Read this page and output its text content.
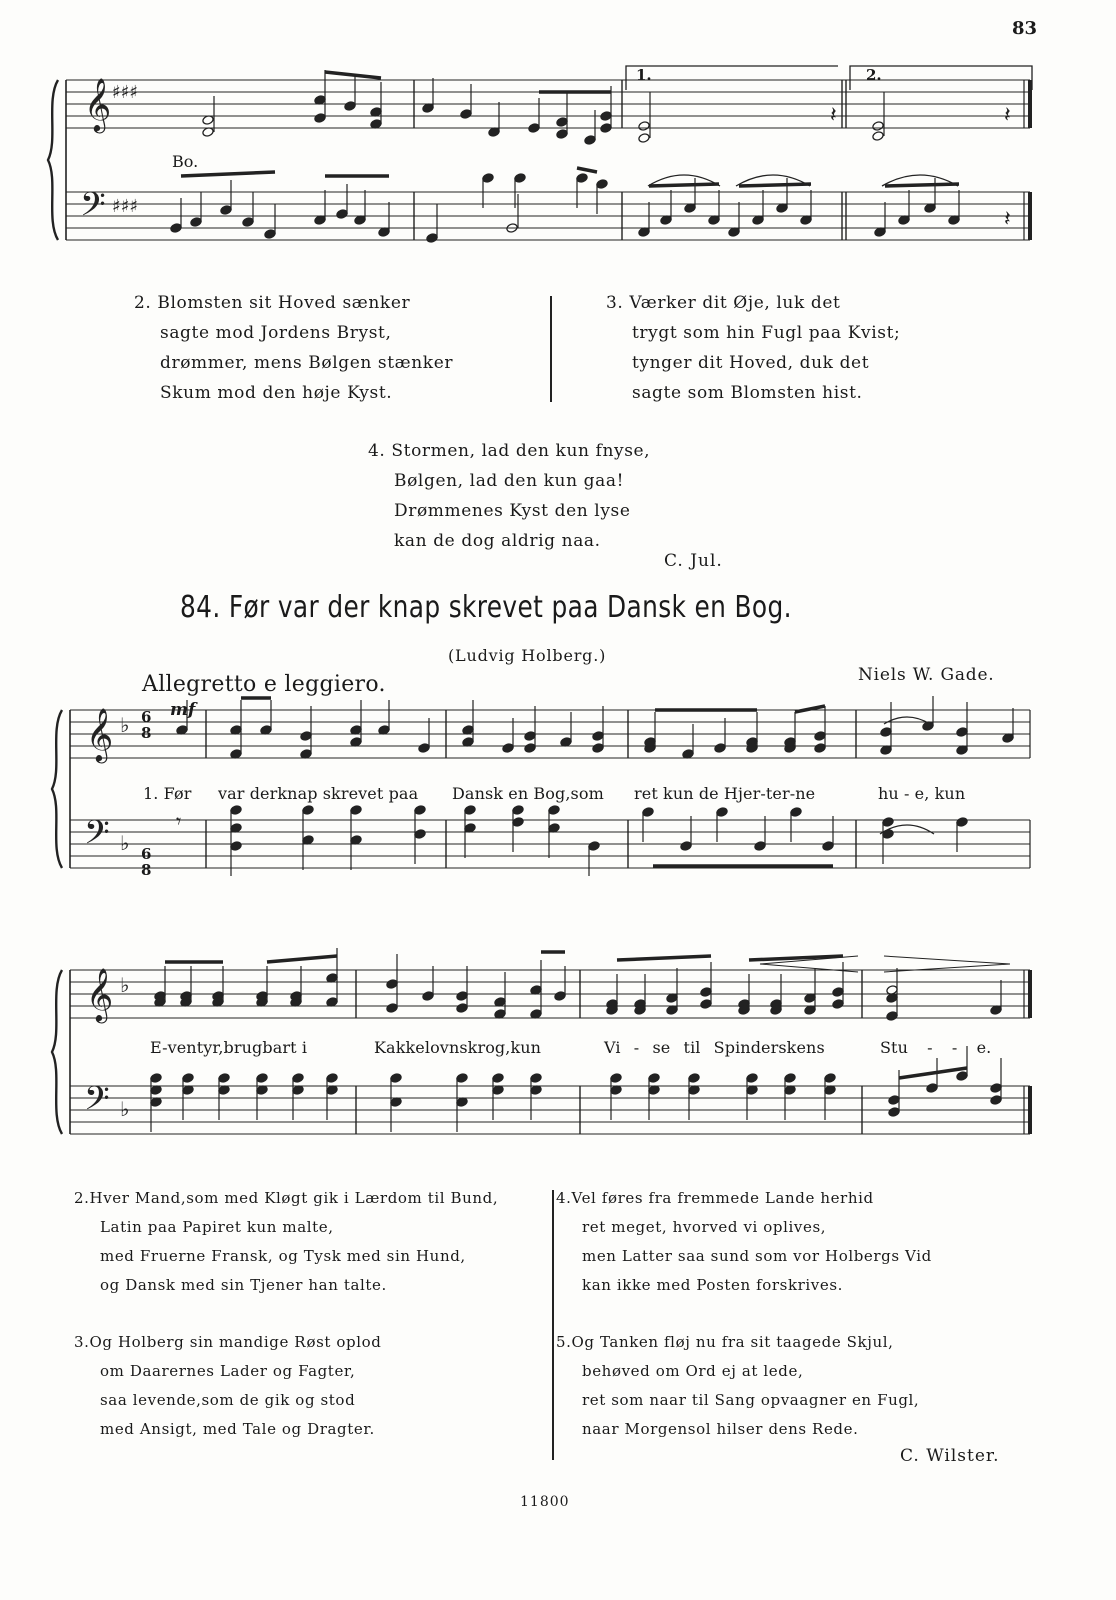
83
𝄞
𝄢
♯♯♯
♯♯♯
𝄽	𝄽
𝄽
Bo.
1.	2.
2. Blomsten sit Hoved sænker
sagte mod Jordens Bryst,
drømmer, mens Bølgen stænker
Skum mod den høje Kyst.
3. Værker dit Øje, luk det
trygt som hin Fugl paa Kvist;
tynger dit Hoved, duk det
sagte som Blomsten hist.
4. Stormen, lad den kun fnyse,
Bølgen, lad den kun gaa!
Drømmenes Kyst den lyse
kan de dog aldrig naa.
C. Jul.
84. Før var der knap skrevet paa Dansk en Bog.
(Ludvig Holberg.)
Niels W. Gade.
Allegretto e leggiero.
mf
𝄞
𝄢
♭
♭
𝄾
6
8
6
8
1. Før var derknap skrevet paa Dansk en Bog,som ret kun de Hjer-ter-ne	hu - e, kun
𝄞
𝄢
♭
♭
E-ventyr,brugbart i	Kakkelovnskrog,kun	Vi - se til Spinderskens	Stu - - e.
2.Hver Mand,som med Kløgt gik i Lærdom til Bund,
Latin paa Papiret kun malte,
med Fruerne Fransk, og Tysk med sin Hund,
og Dansk med sin Tjener han talte.
4.Vel føres fra fremmede Lande herhid
ret meget, hvorved vi oplives,
men Latter saa sund som vor Holbergs Vid
kan ikke med Posten forskrives.
3.Og Holberg sin mandige Røst oplod
om Daarernes Lader og Fagter,
saa levende,som de gik og stod
med Ansigt, med Tale og Dragter.
5.Og Tanken fløj nu fra sit taagede Skjul,
behøved om Ord ej at lede,
ret som naar til Sang opvaagner en Fugl,
naar Morgensol hilser dens Rede.
C. Wilster.
11800
